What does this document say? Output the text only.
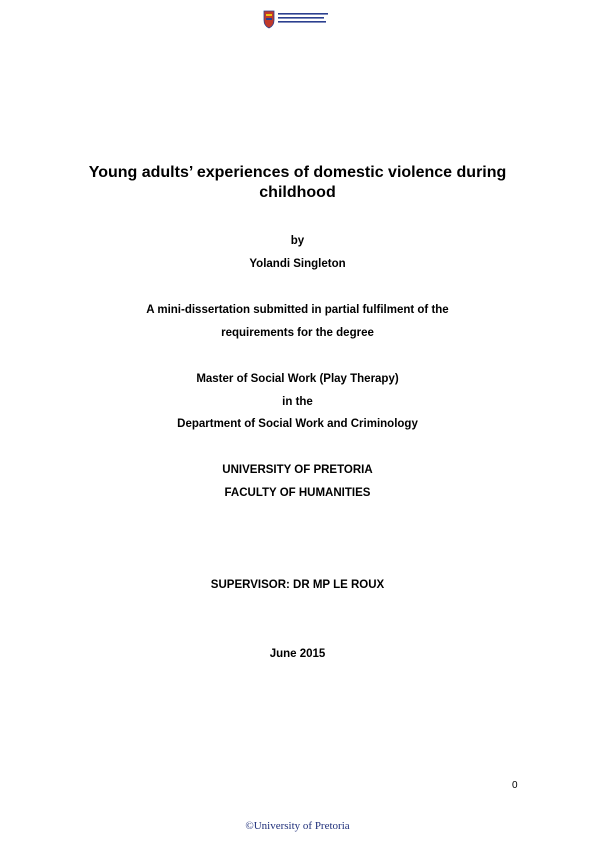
Young adults’ experiences of domestic violence during childhood
by
Yolandi Singleton
A mini-dissertation submitted in partial fulfilment of the
requirements for the degree
Master of Social Work (Play Therapy)
in the
Department of Social Work and Criminology
UNIVERSITY OF PRETORIA
FACULTY OF HUMANITIES
SUPERVISOR: DR MP LE ROUX
June 2015
0
©University of Pretoria
